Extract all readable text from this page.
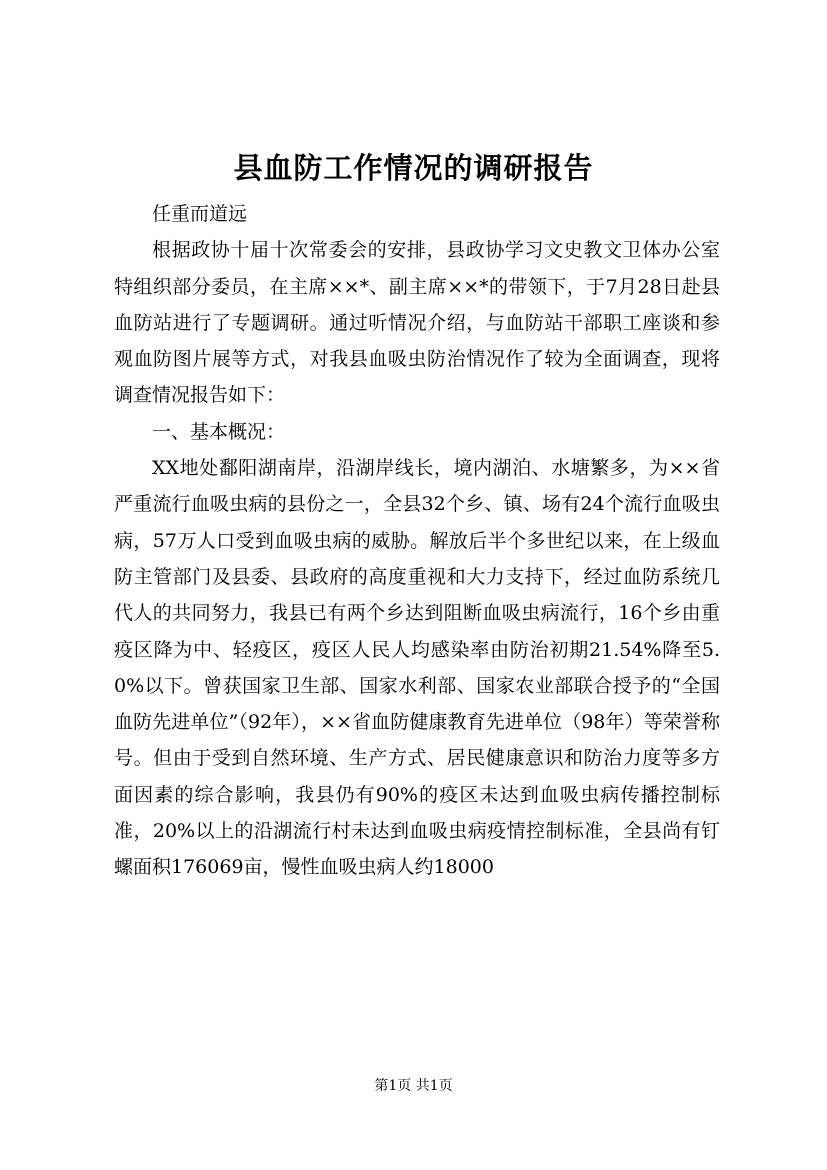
县血防工作情况的调研报告

任重而道远

根据政协十届十次常委会的安排，县政协学习文史教文卫体办公室特组织部分委员，在主席××*、副主席××*的带领下，于7月28日赴县血防站进行了专题调研。通过听情况介绍，与血防站干部职工座谈和参观血防图片展等方式，对我县血吸虫防治情况作了较为全面调查，现将调查情况报告如下：

一、基本概况：

XX地处鄱阳湖南岸，沿湖岸线长，境内湖泊、水塘繁多，为××省严重流行血吸虫病的县份之一，全县32个乡、镇、场有24个流行血吸虫病，57万人口受到血吸虫病的威胁。解放后半个多世纪以来，在上级血防主管部门及县委、县政府的高度重视和大力支持下，经过血防系统几代人的共同努力，我县已有两个乡达到阻断血吸虫病流行，16个乡由重疫区降为中、轻疫区，疫区人民人均感染率由防治初期21.54%降至5.0%以下。曾获国家卫生部、国家水利部、国家农业部联合授予的“全国血防先进单位”（92年），××省血防健康教育先进单位（98年）等荣誉称号。但由于受到自然环境、生产方式、居民健康意识和防治力度等多方面因素的综合影响，我县仍有90%的疫区未达到血吸虫病传播控制标准，20%以上的沿湖流行村未达到血吸虫病疫情控制标准，全县尚有钉螺面积176069亩，慢性血吸虫病人约18000

第1页 共1页
